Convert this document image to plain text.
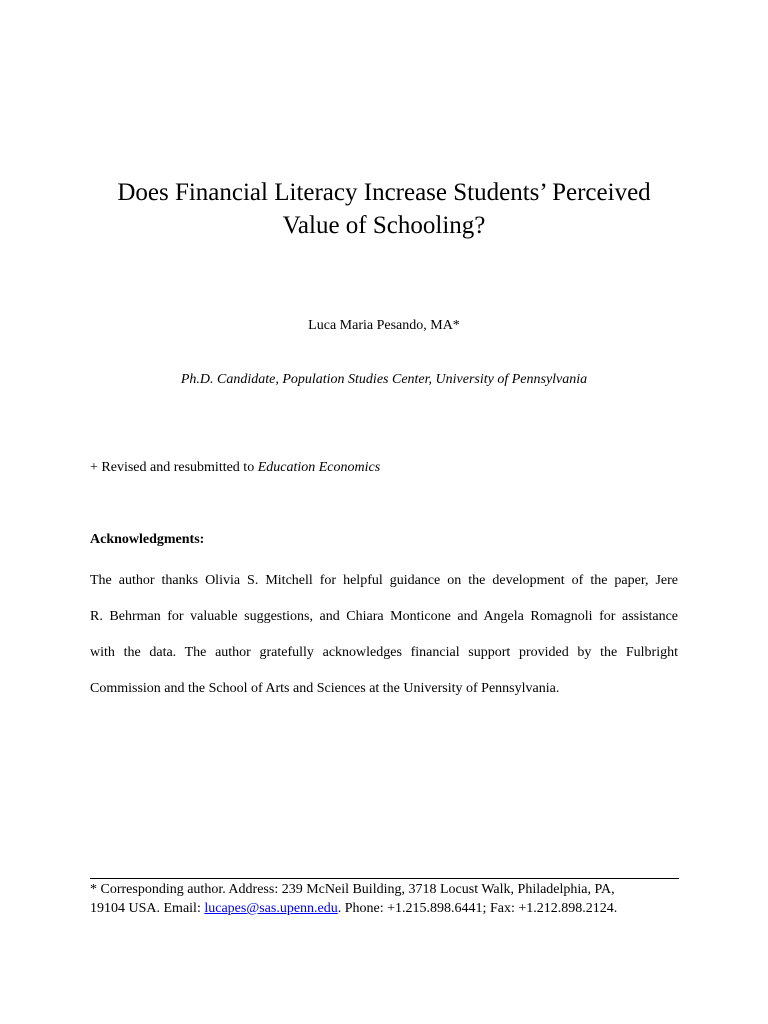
Does Financial Literacy Increase Students’ Perceived
Value of Schooling?
Luca Maria Pesando, MA*
Ph.D. Candidate, Population Studies Center, University of Pennsylvania
+ Revised and resubmitted to Education Economics
Acknowledgments:
The author thanks Olivia S. Mitchell for helpful guidance on the development of the paper, Jere
R. Behrman for valuable suggestions, and Chiara Monticone and Angela Romagnoli for assistance
with the data. The author gratefully acknowledges financial support provided by the Fulbright
Commission and the School of Arts and Sciences at the University of Pennsylvania.
* Corresponding author. Address: 239 McNeil Building, 3718 Locust Walk, Philadelphia, PA,
19104 USA. Email: lucapes@sas.upenn.edu. Phone: +1.215.898.6441; Fax: +1.212.898.2124.
